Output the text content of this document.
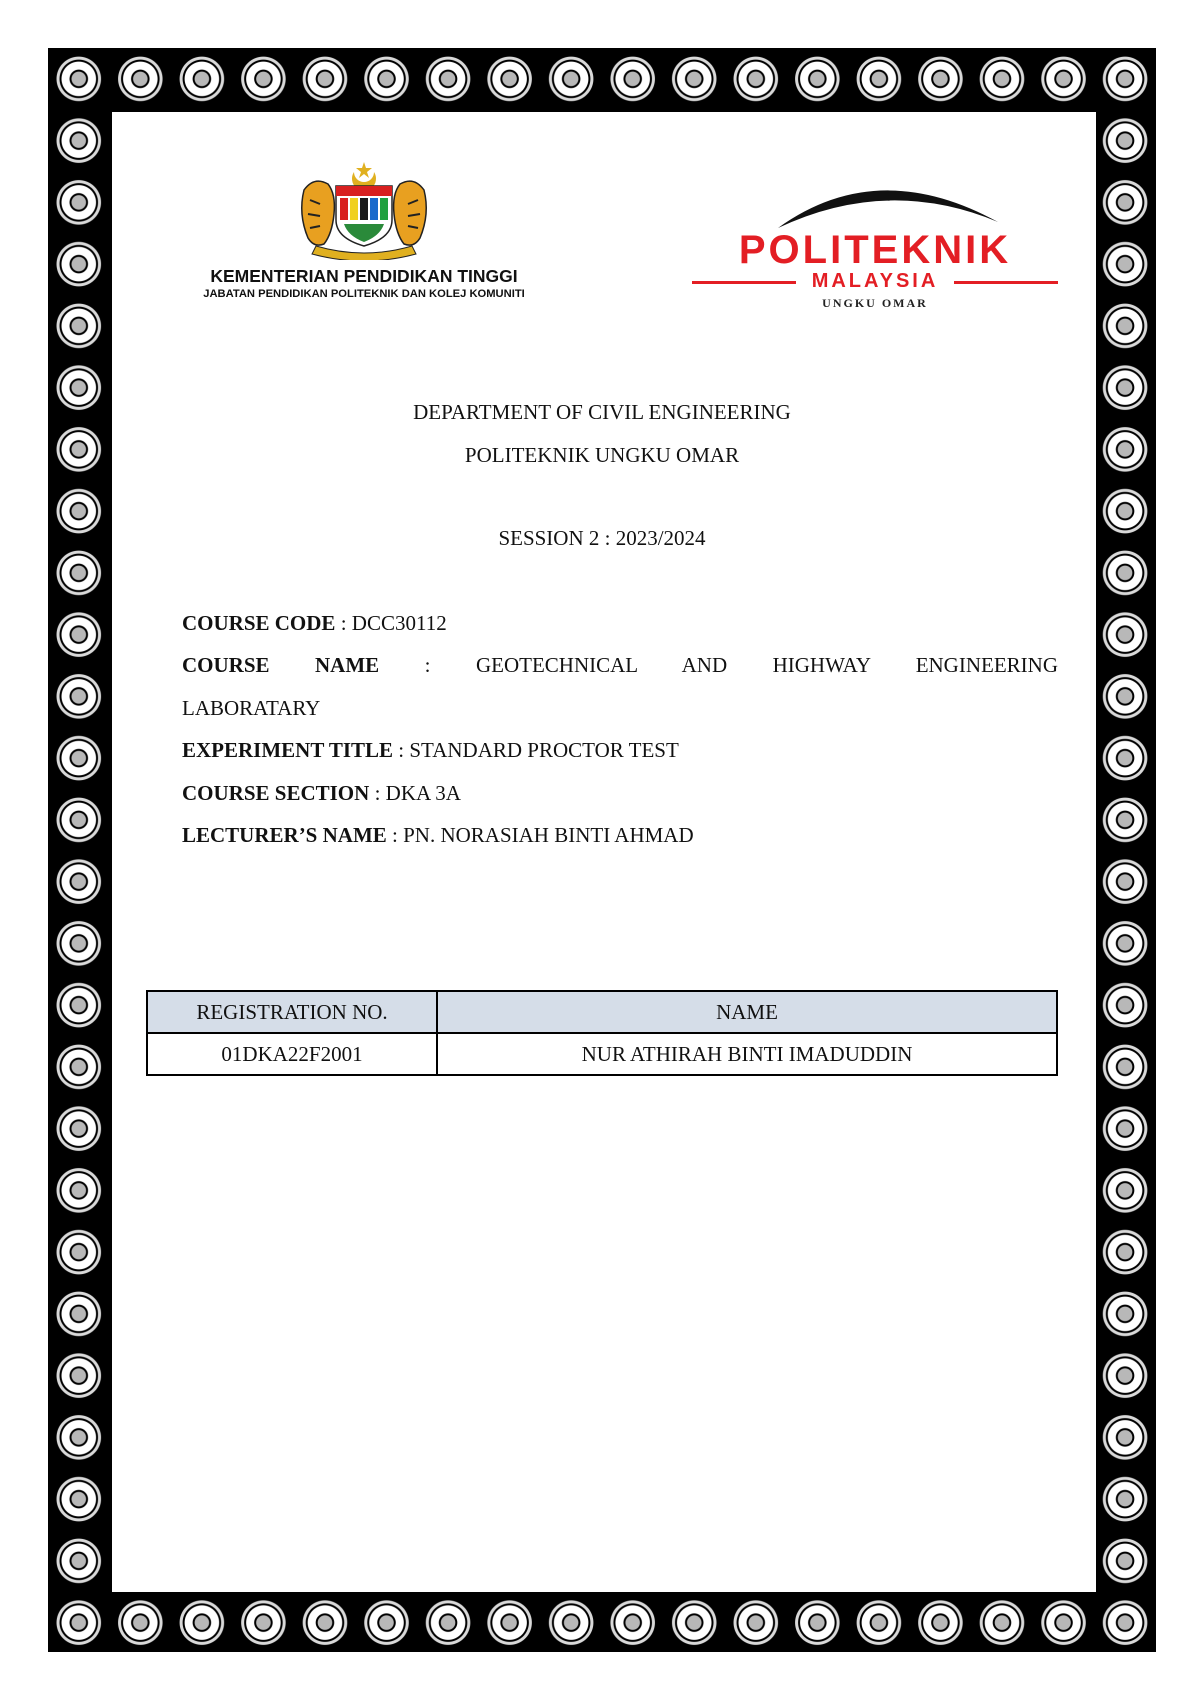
KEMENTERIAN PENDIDIKAN TINGGI
JABATAN PENDIDIKAN POLITEKNIK DAN KOLEJ KOMUNITI
POLITEKNIK
MALAYSIA
UNGKU OMAR
DEPARTMENT OF CIVIL ENGINEERING
POLITEKNIK UNGKU OMAR
SESSION 2 : 2023/2024
COURSE CODE : DCC30112
COURSE NAME : GEOTECHNICAL AND HIGHWAY ENGINEERING
LABORATARY
EXPERIMENT TITLE : STANDARD PROCTOR TEST
COURSE SECTION : DKA 3A
LECTURER’S NAME : PN. NORASIAH BINTI AHMAD
REGISTRATION NO.	NAME
01DKA22F2001	NUR ATHIRAH BINTI IMADUDDIN
